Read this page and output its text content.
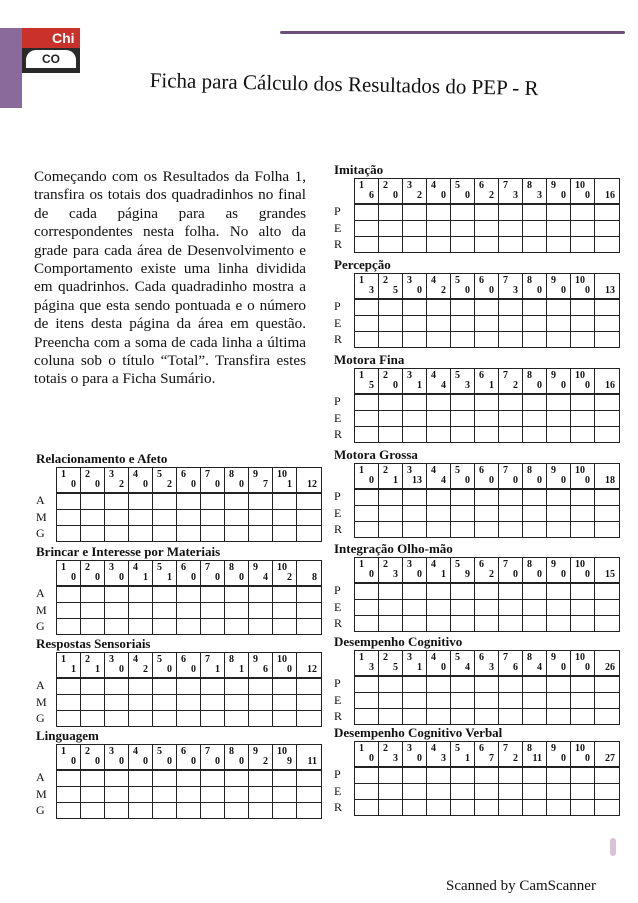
Chi
CO
Ficha para Cálculo dos Resultados do PEP - R
Começando com os Resultados da Folha 1, transfira os totais dos quadradinhos no final de cada página para as grandes correspondentes nesta folha. No alto da grade para cada área de Desenvolvimento e Comportamento existe uma linha dividida em quadrinhos. Cada quadradinho mostra a página que esta sendo pontuada e o número de itens desta página da área em questão. Preencha com a soma de cada linha a última coluna sob o título “Total”. Transfira estes totais o para a Ficha Sumário.
Relacionamento e Afeto
1
0
2
0
3
2
4
0
5
2
6
0
7
0
8
0
9
7
10
1 12
A
M
G
Brincar e Interesse por Materiais
1
0
2
0
3
0
4
1
5
1
6
0
7
0
8
0
9
4
10
2 8
A
M
G
Respostas Sensoriais
1
1
2
1
3
0
4
2
5
0
6
0
7
1
8
1
9
6
10
0 12
A
M
G
Linguagem
1
0
2
0
3
0
4
0
5
0
6
0
7
0
8
0
9
2
10
9 11
A
M
G
Imitação
1
6
2
0
3
2
4
0
5
0
6
2
7
3
8
3
9
0
10
0 16
P
E
R
Percepção
1
3
2
5
3
0
4
2
5
0
6
0
7
3
8
0
9
0
10
0 13
P
E
R
Motora Fina
1
5
2
0
3
1
4
4
5
3
6
1
7
2
8
0
9
0
10
0 16
P
E
R
Motora Grossa
1
0
2
1
3
13
4
4
5
0
6
0
7
0
8
0
9
0
10
0 18
P
E
R
Integração Olho-mão
1
0
2
3
3
0
4
1
5
9
6
2
7
0
8
0
9
0
10
0 15
P
E
R
Desempenho Cognitivo
1
3
2
5
3
1
4
0
5
4
6
3
7
6
8
4
9
0
10
0 26
P
E
R
Desempenho Cognitivo Verbal
1
0
2
3
3
0
4
3
5
1
6
7
7
2
8
11
9
0
10
0 27
P
E
R
Scanned by CamScanner
